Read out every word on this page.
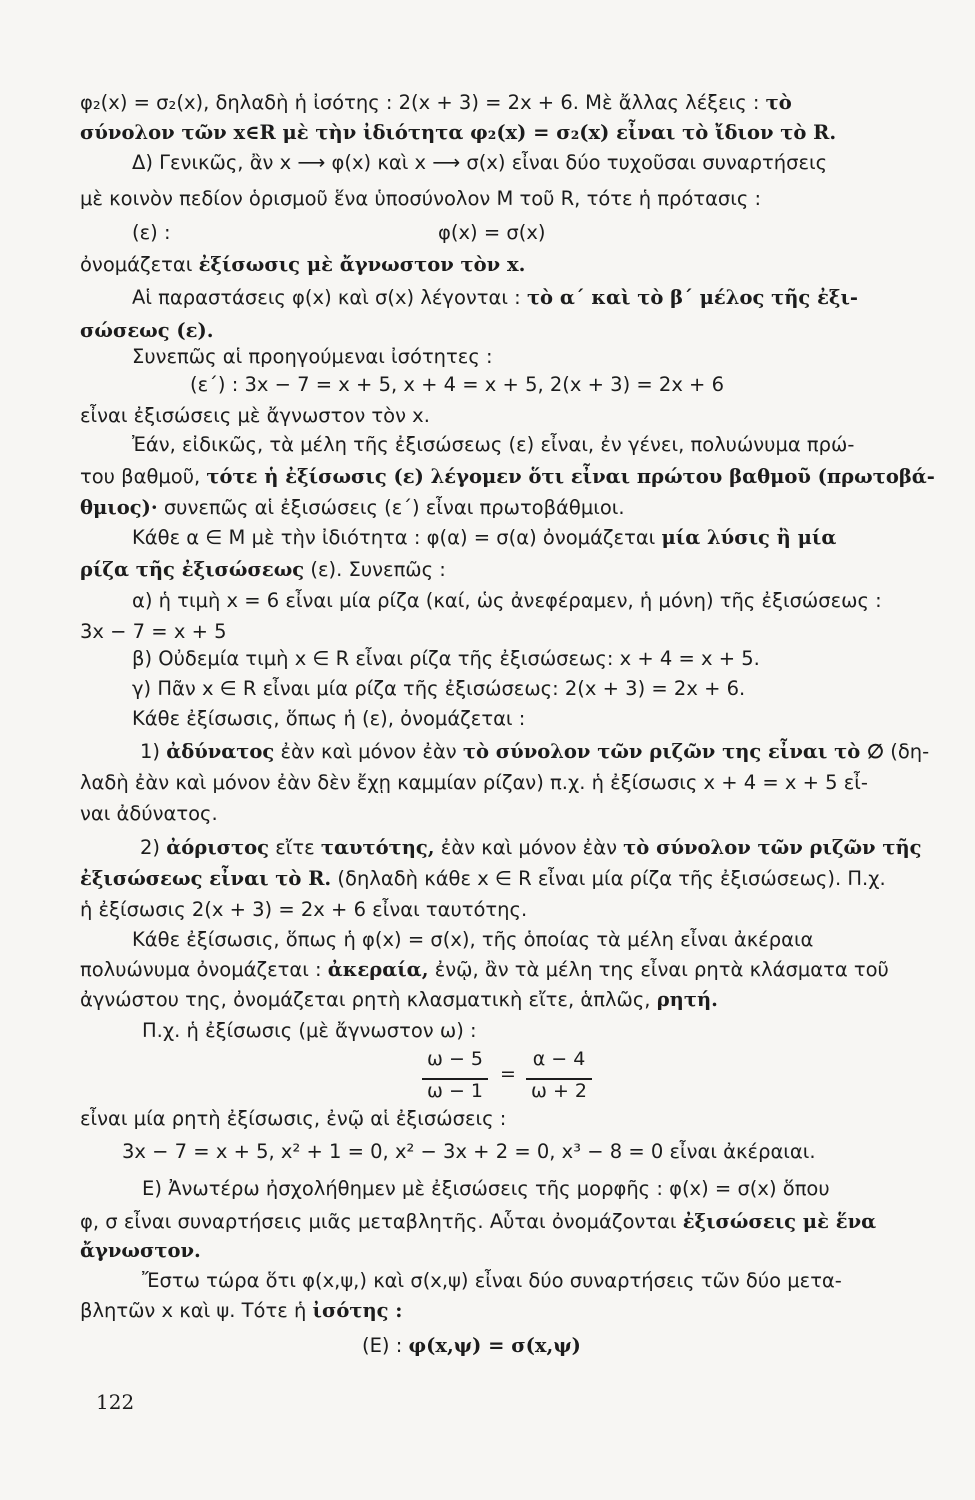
φ₂(x) = σ₂(x), δηλαδὴ ἡ ἰσότης : 2(x + 3) = 2x + 6. Μὲ ἄλλας λέξεις : τὸ
σύνολον τῶν x∈R μὲ τὴν ἰδιότητα φ₂(x) = σ₂(x) εἶναι τὸ ἴδιον τὸ R.
Δ) Γενικῶς, ἂν x ⟶ φ(x) καὶ x ⟶ σ(x) εἶναι δύο τυχοῦσαι συναρτήσεις
μὲ κοινὸν πεδίον ὁρισμοῦ ἕνα ὑποσύνολον Μ τοῦ R, τότε ἡ πρότασις :
(ε) :	φ(x) = σ(x)
ὀνομάζεται ἐξίσωσις μὲ ἄγνωστον τὸν x.
Αἱ παραστάσεις φ(x) καὶ σ(x) λέγονται : τὸ α΄ καὶ τὸ β΄ μέλος τῆς ἐξι-
σώσεως (ε).
Συνεπῶς αἱ προηγούμεναι ἰσότητες :
(ε΄) : 3x − 7 = x + 5, x + 4 = x + 5, 2(x + 3) = 2x + 6
εἶναι ἐξισώσεις μὲ ἄγνωστον τὸν x.
Ἐάν, εἰδικῶς, τὰ μέλη τῆς ἐξισώσεως (ε) εἶναι, ἐν γένει, πολυώνυμα πρώ-
του βαθμοῦ, τότε ἡ ἐξίσωσις (ε) λέγομεν ὅτι εἶναι πρώτου βαθμοῦ (πρωτοβά-
θμιος)· συνεπῶς αἱ ἐξισώσεις (ε΄) εἶναι πρωτοβάθμιοι.
Κάθε α ∈ Μ μὲ τὴν ἰδιότητα : φ(α) = σ(α) ὀνομάζεται μία λύσις ἢ μία
ρίζα τῆς ἐξισώσεως (ε). Συνεπῶς :
α) ἡ τιμὴ x = 6 εἶναι μία ρίζα (καί, ὡς ἀνεφέραμεν, ἡ μόνη) τῆς ἐξισώσεως :
3x − 7 = x + 5
β) Οὐδεμία τιμὴ x ∈ R εἶναι ρίζα τῆς ἐξισώσεως: x + 4 = x + 5.
γ) Πᾶν x ∈ R εἶναι μία ρίζα τῆς ἐξισώσεως: 2(x + 3) = 2x + 6.
Κάθε ἐξίσωσις, ὅπως ἡ (ε), ὀνομάζεται :
1) ἀδύνατος ἐὰν καὶ μόνον ἐὰν τὸ σύνολον τῶν ριζῶν της εἶναι τὸ ∅ (δη-
λαδὴ ἐὰν καὶ μόνον ἐὰν δὲν ἔχῃ καμμίαν ρίζαν) π.χ. ἡ ἐξίσωσις x + 4 = x + 5 εἶ-
ναι ἀδύνατος.
2) ἀόριστος εἴτε ταυτότης, ἐὰν καὶ μόνον ἐὰν τὸ σύνολον τῶν ριζῶν τῆς
ἐξισώσεως εἶναι τὸ R. (δηλαδὴ κάθε x ∈ R εἶναι μία ρίζα τῆς ἐξισώσεως). Π.χ.
ἡ ἐξίσωσις 2(x + 3) = 2x + 6 εἶναι ταυτότης.
Κάθε ἐξίσωσις, ὅπως ἡ φ(x) = σ(x), τῆς ὁποίας τὰ μέλη εἶναι ἀκέραια
πολυώνυμα ὀνομάζεται : ἀκεραία, ἐνῷ, ἂν τὰ μέλη της εἶναι ρητὰ κλάσματα τοῦ
ἀγνώστου της, ὀνομάζεται ρητὴ κλασματικὴ εἴτε, ἁπλῶς, ρητή.
Π.χ. ἡ ἐξίσωσις (μὲ ἄγνωστον ω) :
ω − 5
ω − 1
=
α − 4
ω + 2
εἶναι μία ρητὴ ἐξίσωσις, ἐνῷ αἱ ἐξισώσεις :
3x − 7 = x + 5, x² + 1 = 0, x² − 3x + 2 = 0, x³ − 8 = 0 εἶναι ἀκέραιαι.
Ε) Ἀνωτέρω ἠσχολήθημεν μὲ ἐξισώσεις τῆς μορφῆς : φ(x) = σ(x) ὅπου
φ, σ εἶναι συναρτήσεις μιᾶς μεταβλητῆς. Αὗται ὀνομάζονται ἐξισώσεις μὲ ἕνα
ἄγνωστον.
Ἔστω τώρα ὅτι φ(x,ψ,) καὶ σ(x,ψ) εἶναι δύο συναρτήσεις τῶν δύο μετα-
βλητῶν x καὶ ψ. Τότε ἡ ἰσότης :
(Ε) : φ(x,ψ) = σ(x,ψ)
122
